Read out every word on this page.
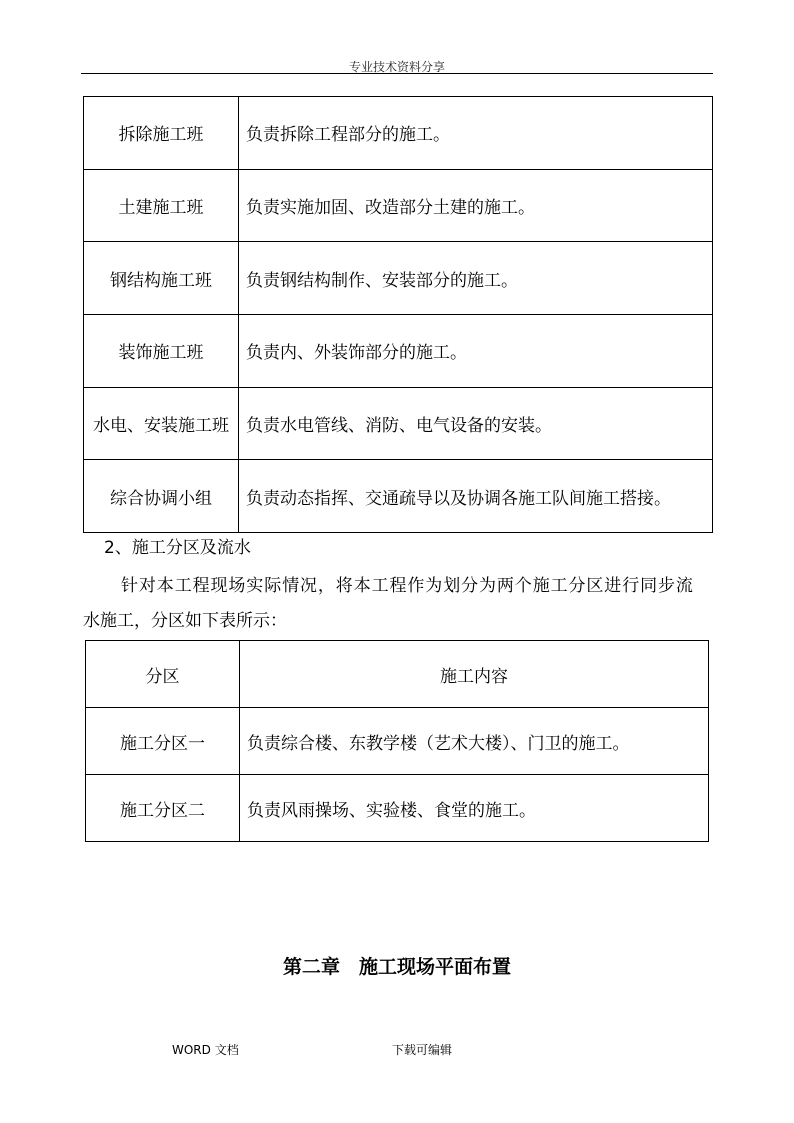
专业技术资料分享
拆除施工班	负责拆除工程部分的施工。
土建施工班	负责实施加固、改造部分土建的施工。
钢结构施工班	负责钢结构制作、安装部分的施工。
装饰施工班	负责内、外装饰部分的施工。
水电、安装施工班	负责水电管线、消防、电气设备的安装。
综合协调小组	负责动态指挥、交通疏导以及协调各施工队间施工搭接。
2、施工分区及流水
针对本工程现场实际情况，将本工程作为划分为两个施工分区进行同步流
水施工，分区如下表所示：
分区	施工内容
施工分区一	负责综合楼、东教学楼（艺术大楼）、门卫的施工。
施工分区二	负责风雨操场、实验楼、食堂的施工。
第二章　施工现场平面布置
WORD 文档	下载可编辑
